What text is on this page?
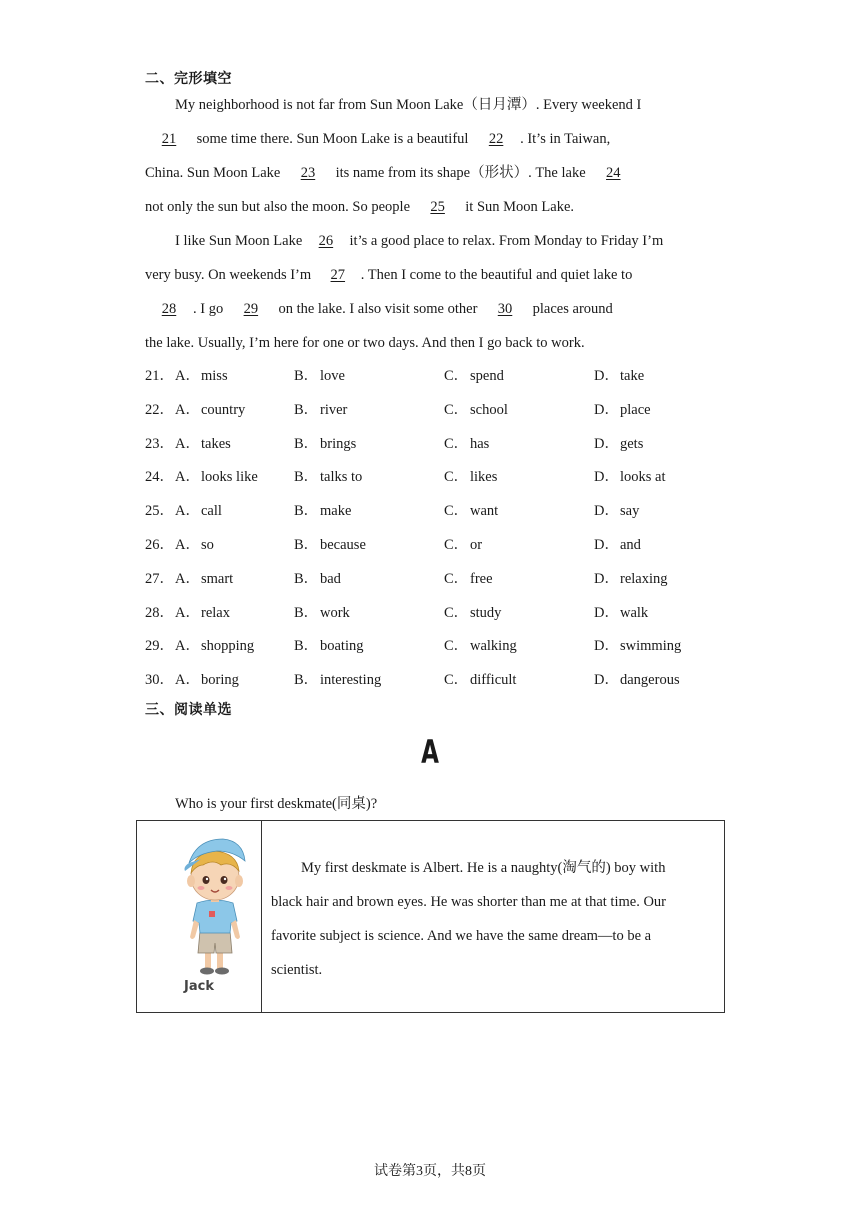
二、完形填空
My neighborhood is not far from Sun Moon Lake（日月潭）. Every weekend I
21 some time there. Sun Moon Lake is a beautiful 22 . It’s in Taiwan,
China. Sun Moon Lake 23 its name from its shape（形状）. The lake 24
not only the sun but also the moon. So people 25 it Sun Moon Lake.
I like Sun Moon Lake 26 it’s a good place to relax. From Monday to Friday I’m
very busy. On weekends I’m 27 . Then I come to the beautiful and quiet lake to
28 . I go 29 on the lake. I also visit some other 30 places around
the lake. Usually, I’m here for one or two days. And then I go back to work.
21． A．miss	B． love	C． spend	D．take
22． A．country	B． river	C． school	D．place
23． A．takes	B． brings	C． has	D．gets
24． A．looks like B． talks to	C． likes	D．looks at
25． A．call	B． make	C． want	D．say
26． A．so	B． because	C． or	D．and
27． A．smart	B． bad	C． free	D．relaxing
28． A．relax	B． work	C． study	D．walk
29． A．shopping	B． boating	C． walking	D．swimming
30． A．boring	B． interesting	C． difficult	D．dangerous
三、阅读单选
A
Who is your first deskmate(同桌)?
Jack

My first deskmate is Albert. He is a naughty(淘气的) boy with
black hair and brown eyes. He was shorter than me at that time. Our
favorite subject is science. And we have the same dream—to be a
scientist.
试卷第3页，共8页
